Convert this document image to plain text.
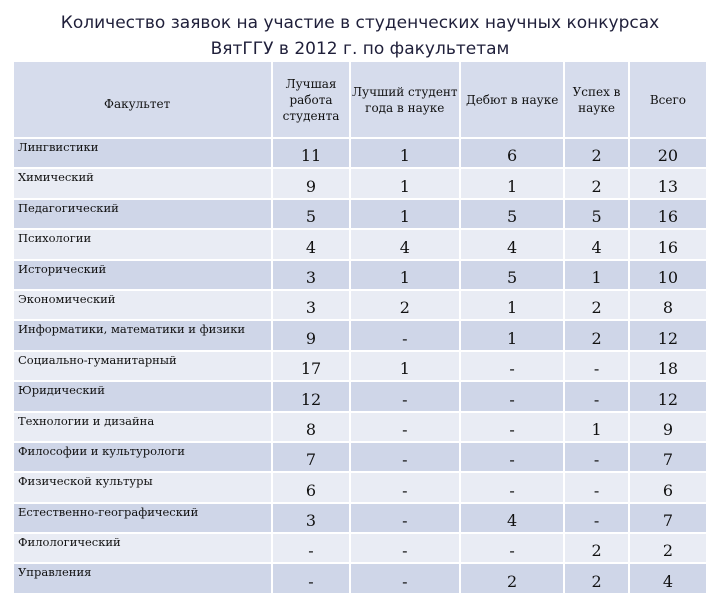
Количество заявок на участие в студенческих научных конкурсах
ВятГГУ в 2012 г. по факультетам
Факультет	Лучшая работа студента	Лучший студент года в науке	Дебют в науке	Успех в науке	Всего
Лингвистики	11	1	6	2	20
Химический	9	1	1	2	13
Педагогический	5	1	5	5	16
Психологии	4	4	4	4	16
Исторический	3	1	5	1	10
Экономический	3	2	1	2	8
Информатики, математики и физики	9	-	1	2	12
Социально-гуманитарный	17	1	-	-	18
Юридический	12	-	-	-	12
Технологии и дизайна	8	-	-	1	9
Философии и культурологи	7	-	-	-	7
Физической культуры	6	-	-	-	6
Естественно-географический	3	-	4	-	7
Филологический	-	-	-	2	2
Управления	-	-	2	2	4
